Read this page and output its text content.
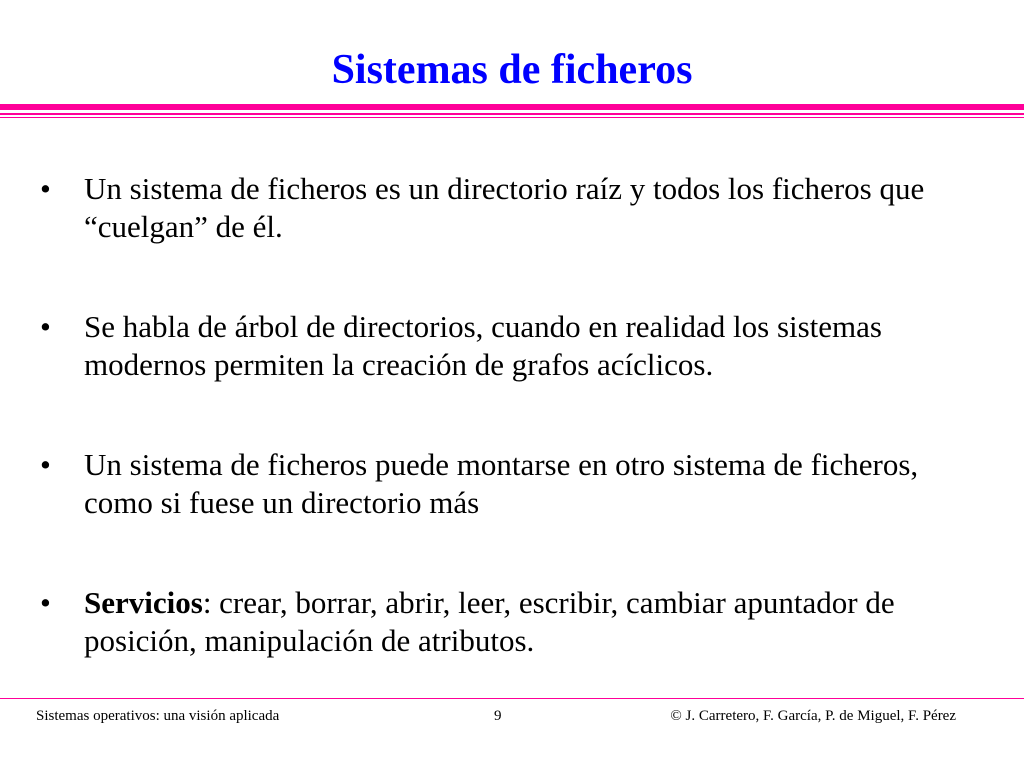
Sistemas de ficheros
•	Un sistema de ficheros es un directorio raíz y todos los ficheros que “cuelgan” de él.
•	Se habla de árbol de directorios, cuando en realidad los sistemas modernos permiten la creación de grafos acíclicos.
•	Un sistema de ficheros puede montarse en otro sistema de ficheros, como si fuese un directorio más
•	Servicios: crear, borrar, abrir, leer, escribir, cambiar apuntador de posición, manipulación de atributos.
Sistemas operativos: una visión aplicada	9	© J. Carretero, F. García, P. de Miguel, F. Pérez
